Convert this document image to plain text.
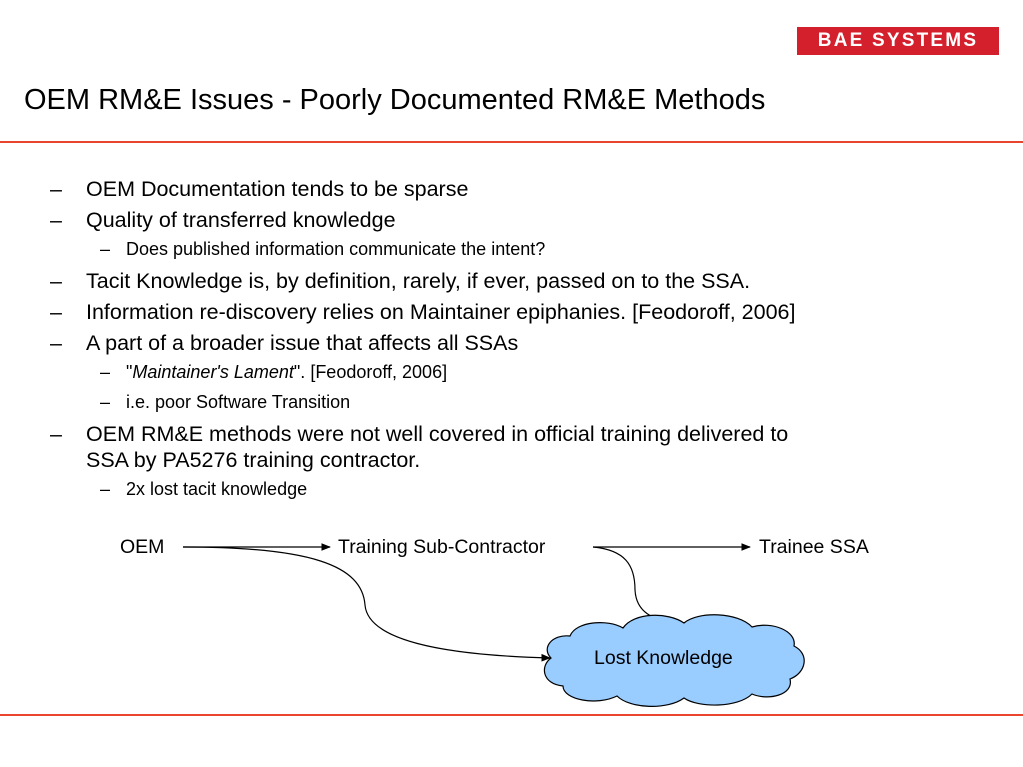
BAE SYSTEMS
OEM RM&E Issues - Poorly Documented RM&E Methods
– OEM Documentation tends to be sparse
– Quality of transferred knowledge
– Does published information communicate the intent?
– Tacit Knowledge is, by definition, rarely, if ever, passed on to the SSA.
– Information re-discovery relies on Maintainer epiphanies. [Feodoroff, 2006]
– A part of a broader issue that affects all SSAs
– "Maintainer's Lament". [Feodoroff, 2006]
– i.e. poor Software Transition
– OEM RM&E methods were not well covered in official training delivered to
SSA by PA5276 training contractor.
– 2x lost tacit knowledge
OEM	Training Sub-Contractor	Trainee SSA
Lost Knowledge
